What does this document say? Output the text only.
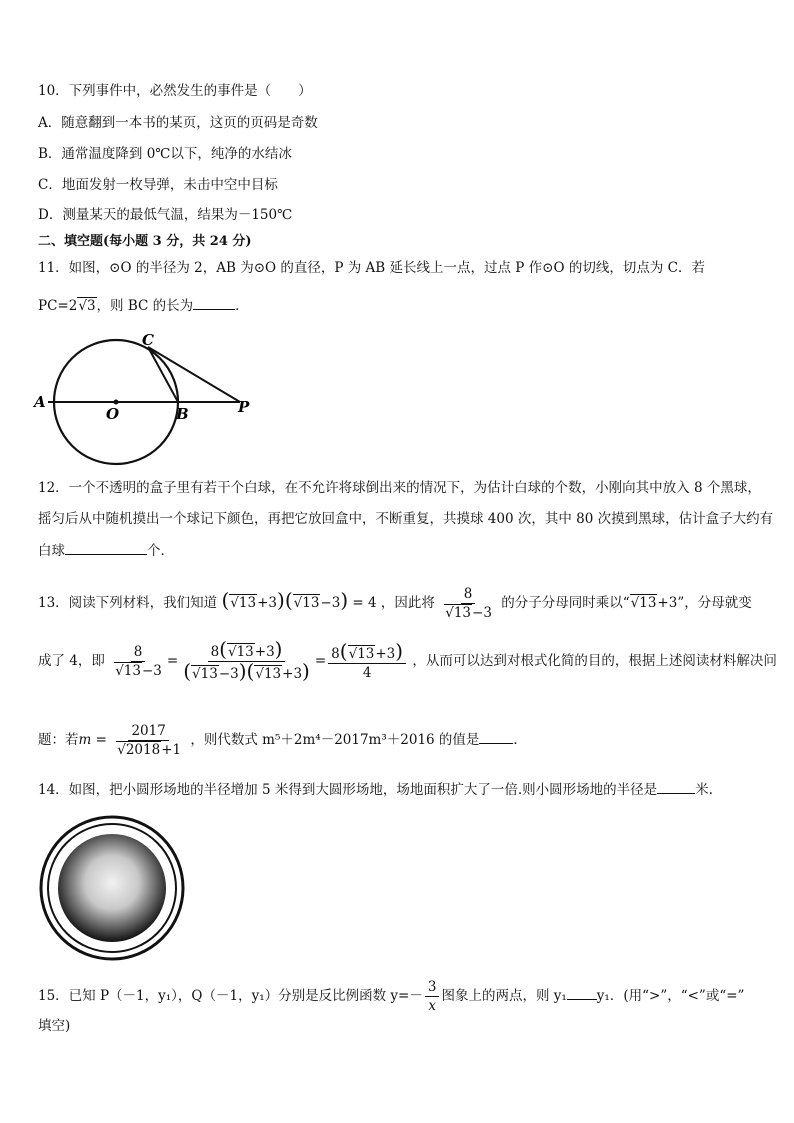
10．下列事件中，必然发生的事件是（　　）
A．随意翻到一本书的某页，这页的页码是奇数
B．通常温度降到 0℃以下，纯净的水结冰
C．地面发射一枚导弹，未击中空中目标
D．测量某天的最低气温，结果为－150℃
二、填空题(每小题 3 分，共 24 分)
11．如图，⊙O 的半径为 2，AB 为⊙O 的直径，P 为 AB 延长线上一点，过点 P 作⊙O 的切线，切点为 C．若
PC=2√3，则 BC 的长为	．
A
O	B	P
C
12．一个不透明的盒子里有若干个白球，在不允许将球倒出来的情况下，为估计白球的个数，小刚向其中放入 8 个黑球，
摇匀后从中随机摸出一个球记下颜色，再把它放回盒中，不断重复，共摸球 400 次，其中 80 次摸到黑球，估计盒子大约有
白球	个．
13．阅读下列材料，我们知道 (√13+3)(√13−3) = 4 ，因此将 $\frac{8}{√13-3}$ 的分子分母同时乘以“√13+3”，分母就变
成了 4，即 $\frac{8}{√13-3} = \frac{8(√13+3)}{(√13-3)(√13+3)} = \frac{8(√13+3)}{4}$ ，从而可以达到对根式化简的目的，根据上述阅读材料解决问
题：若$m = \frac{2017}{√2018+1}$ ，则代数式 m⁵＋2m⁴－2017m³＋2016 的值是	．
14．如图，把小圆形场地的半径增加 5 米得到大圆形场地，场地面积扩大了一倍.则小圆形场地的半径是	米.
15．已知 P（－1，y₁），Q（－1，y₁）分别是反比例函数 $y=- \frac{3}{x}$ 图象上的两点，则 y₁ y₁．(用“>”，“<”或“=”
填空)
